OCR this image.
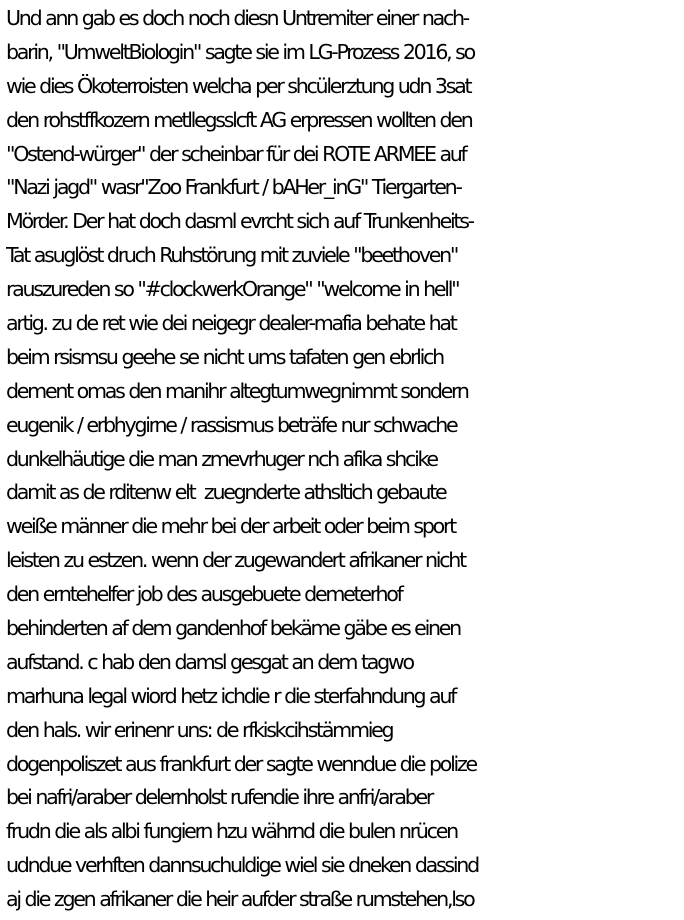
Und ann gab es doch noch diesn Untremiter einer nach-
barin, "UmweltBiologin" sagte sie im LG-Prozess 2016, so
wie dies Ökoterroisten welcha per shcülerztung udn 3sat
den rohstffkozern metllegsslcft AG erpressen wollten den
"Ostend-würger" der scheinbar für dei ROTE ARMEE auf
"Nazi jagd" wasr"Zoo Frankfurt / bAHer_inG" Tiergarten-
Mörder. Der hat doch dasml evrcht sich auf Trunkenheits-
Tat asuglöst druch Ruhstörung mit zuviele "beethoven"
rauszureden so "#clockwerkOrange" "welcome in hell"
artig. zu de ret wie dei neigegr dealer-mafia behate hat
beim rsismsu geehe se nicht ums tafaten gen ebrlich
dement omas den manihr altegtumwegnimmt sondern
eugenik / erbhygirne / rassismus beträfe nur schwache
dunkelhäutige die man zmevrhuger nch afika shcike
damit as de rditenw elt  zuegnderte athsltich gebaute
weiße männer die mehr bei der arbeit oder beim sport
leisten zu estzen. wenn der zugewandert afrikaner nicht
den erntehelfer job des ausgebuete demeterhof
behinderten af dem gandenhof bekäme gäbe es einen
aufstand. c hab den damsl gesgat an dem tagwo
marhuna legal wiord hetz ichdie r die sterfahndung auf
den hals. wir erinenr uns: de rfkiskcihstämmieg
dogenpoliszet aus frankfurt der sagte wenndue die polize
bei nafri/araber delernholst rufendie ihre anfri/araber
frudn die als albi fungiern hzu währnd die bulen nrücen
udndue verhften dannsuchuldige wiel sie dneken dassind
aj die zgen afrikaner die heir aufder straße rumstehen,lso
